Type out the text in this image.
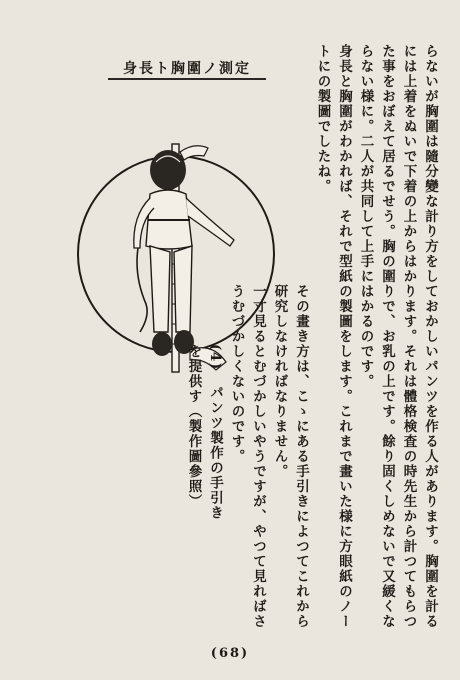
身長ト胸圍ノ測定	らないが胸圍は隨分變な計り方をしておかしいパンツを作る人があります。胸圍を計るには上着をぬいで下着の上からはかります。それは體格検査の時先生から計つてもらつた事をおぼえて居るでせう。胸の圍りで、お乳の上です。餘り固くしめないで又緩くならない様に。二人が共同して上手にはかるのです。

身長と胸圍がわかれば、それで型紙の製圖をします。これまで畫いた様に方眼紙のノートにの製圖でしたね。

その畫き方は、こゝにある手引きによつてこれから研究しなければなりません。

一寸見るとむづかしいやうですが、やつて見ればさうむづかしくないのです。

(4)　パンツ製作の手引き

を提供す（製作圖參照）

(68)
